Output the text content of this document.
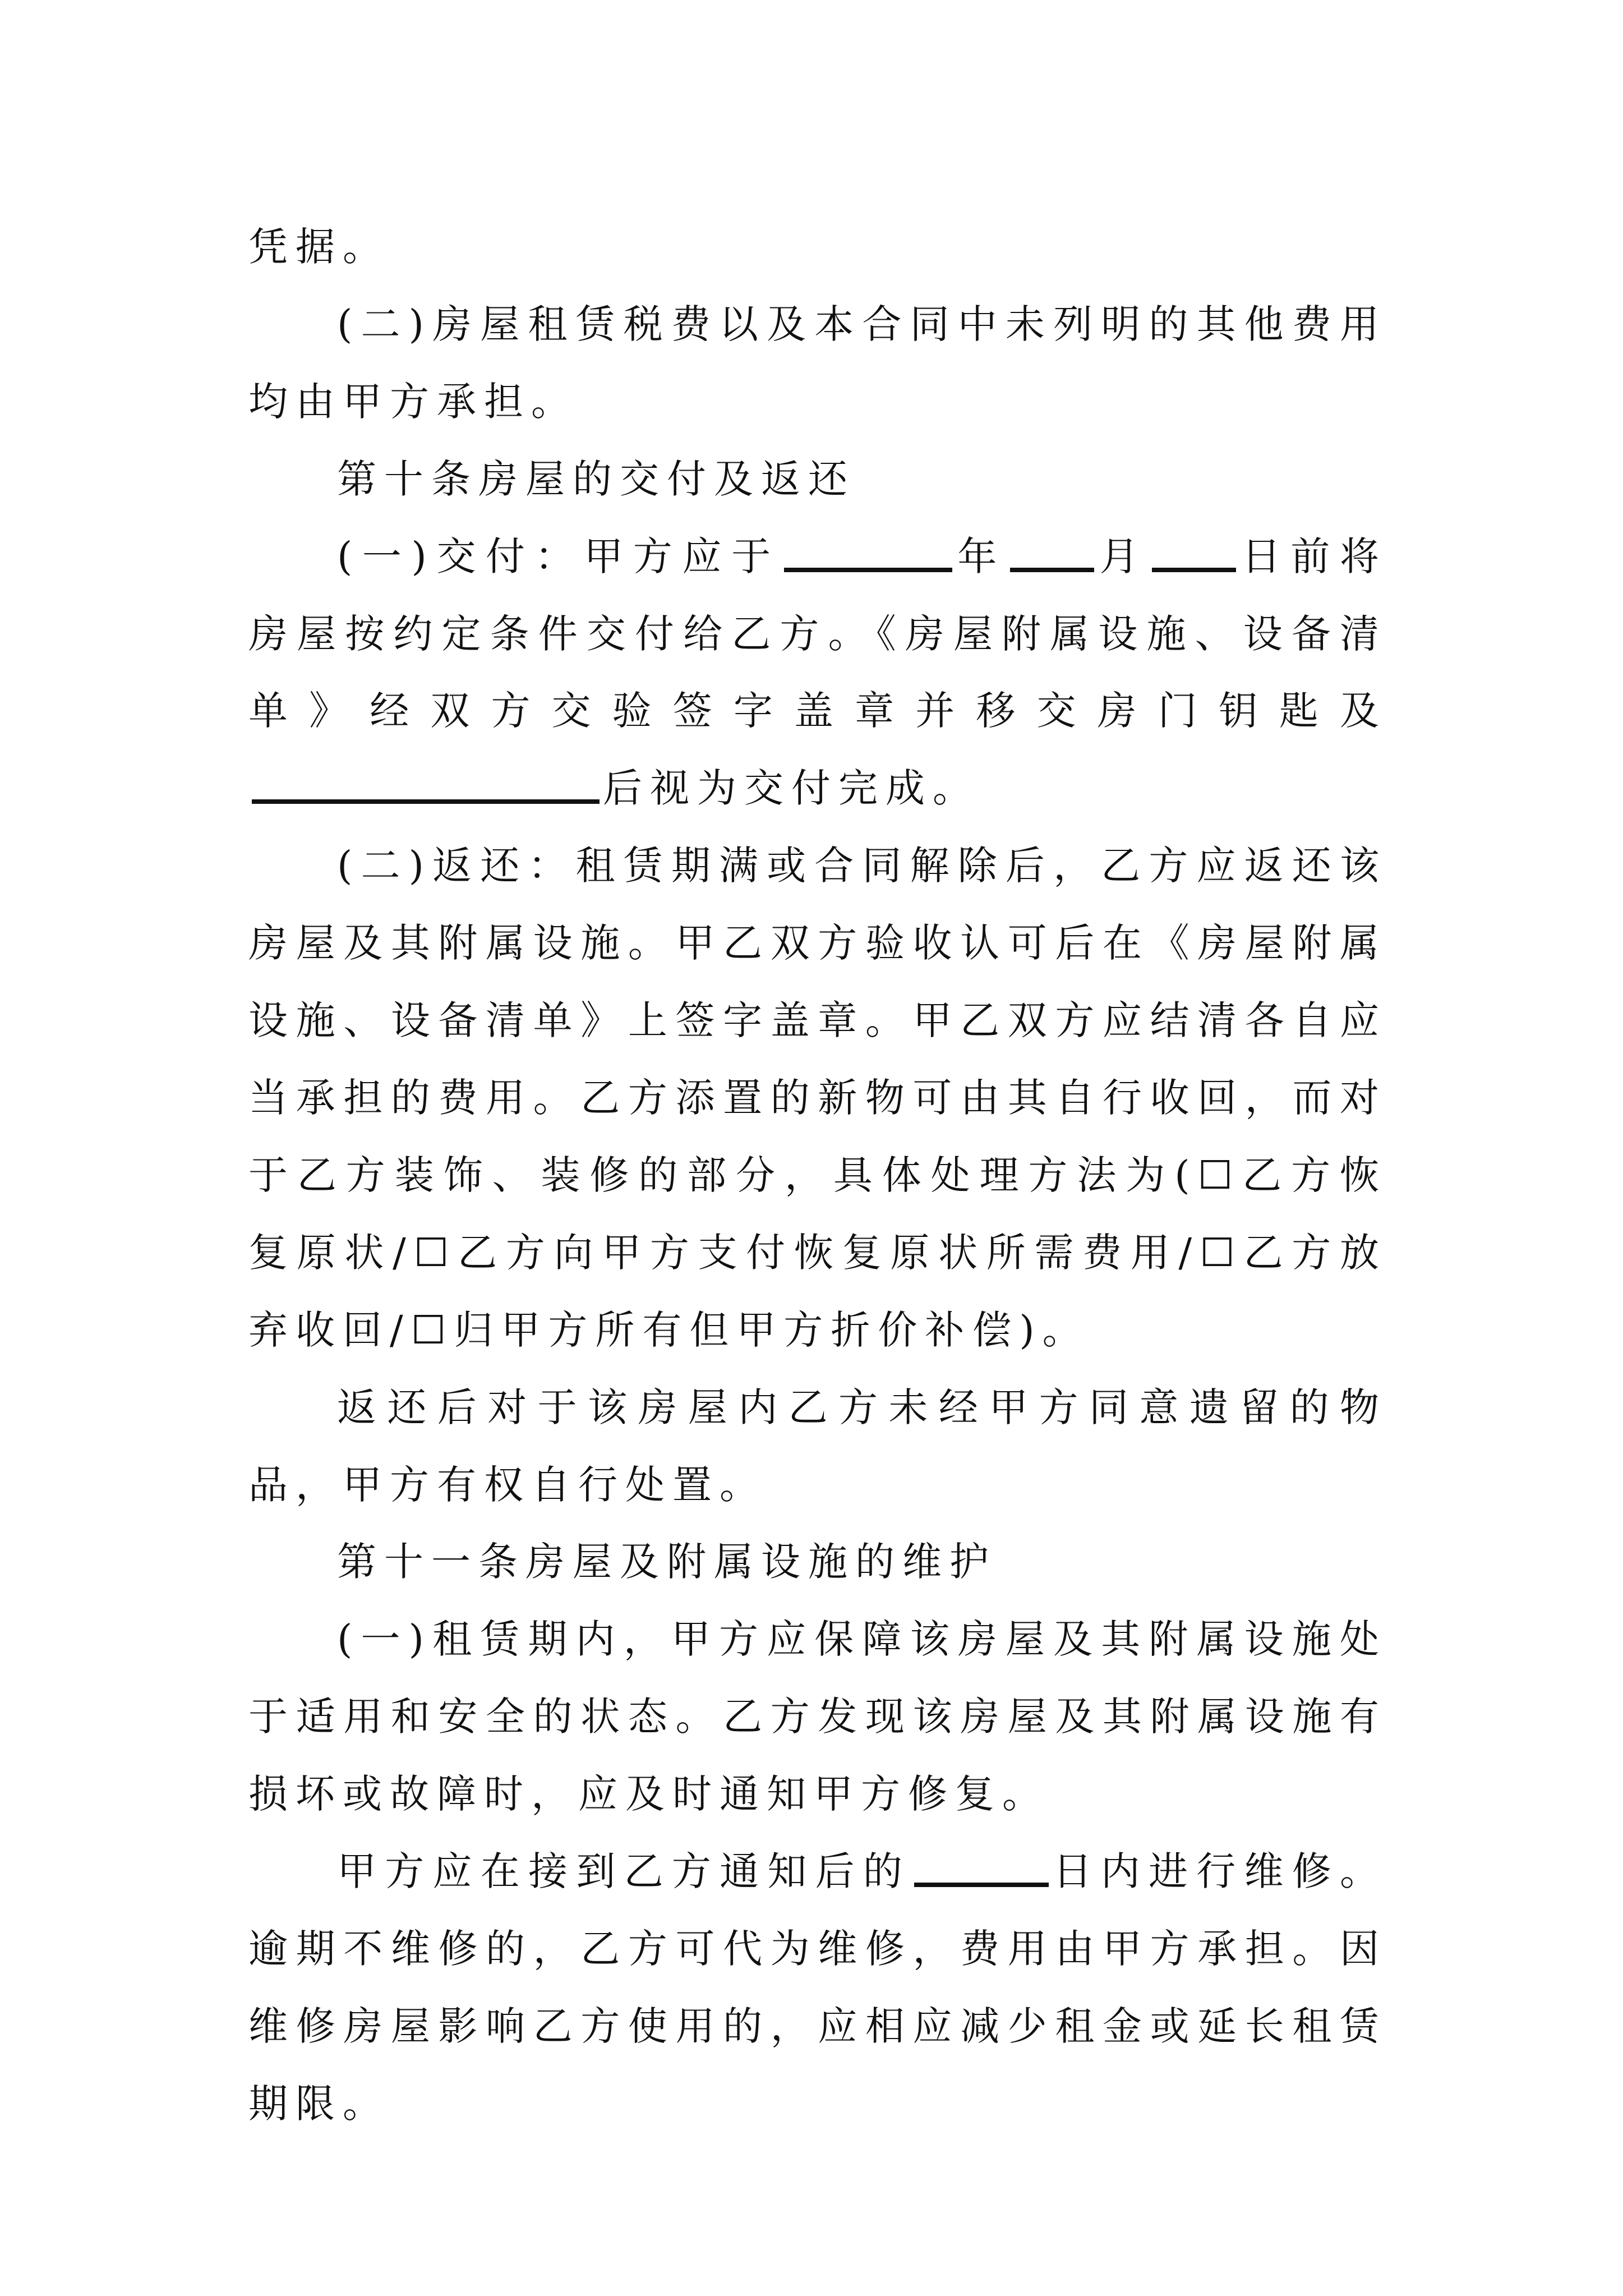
凭据。

(二)房屋租赁税费以及本合同中未列明的其他费用均由甲方承担。

第十条房屋的交付及返还

(一)交付：甲方应于	年 月 日前将房屋按约定条件交付给乙方。《房屋附属设施、设备清单》经双方交验签字盖章并移交房门钥匙及后视为交付完成。

(二)返还：租赁期满或合同解除后，乙方应返还该房屋及其附属设施。甲乙双方验收认可后在《房屋附属设施、设备清单》上签字盖章。甲乙双方应结清各自应当承担的费用。乙方添置的新物可由其自行收回，而对于乙方装饰、装修的部分，具体处理方法为(☐乙方恢复原状/☐乙方向甲方支付恢复原状所需费用/☐乙方放弃收回/☐归甲方所有但甲方折价补偿)。

返还后对于该房屋内乙方未经甲方同意遗留的物品，甲方有权自行处置。

第十一条房屋及附属设施的维护

(一)租赁期内，甲方应保障该房屋及其附属设施处于适用和安全的状态。乙方发现该房屋及其附属设施有损坏或故障时，应及时通知甲方修复。

甲方应在接到乙方通知后的	日内进行维修。逾期不维修的，乙方可代为维修，费用由甲方承担。因维修房屋影响乙方使用的，应相应减少租金或延长租赁期限。
